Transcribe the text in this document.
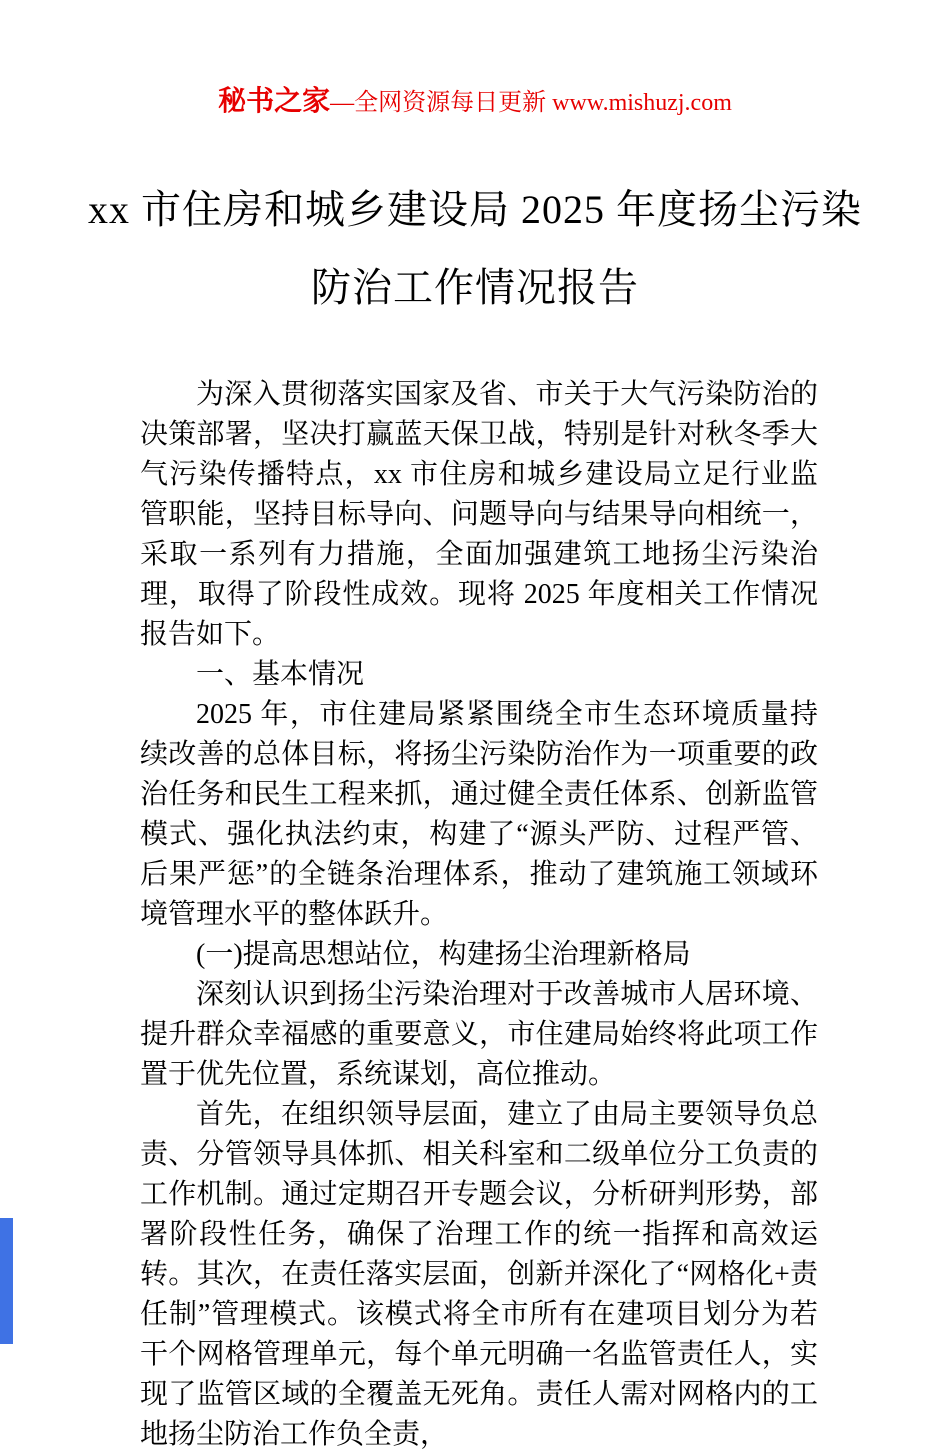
秘书之家—全网资源每日更新 www.mishuzj.com
xx 市住房和城乡建设局 2025 年度扬尘污染
防治工作情况报告

为深入贯彻落实国家及省、市关于大气污染防治的决策部署，坚决打赢蓝天保卫战，特别是针对秋冬季大气污染传播特点，xx 市住房和城乡建设局立足行业监管职能，坚持目标导向、问题导向与结果导向相统一，采取一系列有力措施，全面加强建筑工地扬尘污染治理，取得了阶段性成效。现将 2025 年度相关工作情况报告如下。

一、基本情况

2025 年，市住建局紧紧围绕全市生态环境质量持续改善的总体目标，将扬尘污染防治作为一项重要的政治任务和民生工程来抓，通过健全责任体系、创新监管模式、强化执法约束，构建了“源头严防、过程严管、后果严惩”的全链条治理体系，推动了建筑施工领域环境管理水平的整体跃升。

(一)提高思想站位，构建扬尘治理新格局

深刻认识到扬尘污染治理对于改善城市人居环境、提升群众幸福感的重要意义，市住建局始终将此项工作置于优先位置，系统谋划，高位推动。

首先，在组织领导层面，建立了由局主要领导负总责、分管领导具体抓、相关科室和二级单位分工负责的工作机制。通过定期召开专题会议，分析研判形势，部署阶段性任务，确保了治理工作的统一指挥和高效运转。其次，在责任落实层面，创新并深化了“网格化+责任制”管理模式。该模式将全市所有在建项目划分为若干个网格管理单元，每个单元明确一名监管责任人，实现了监管区域的全覆盖无死角。责任人需对网格内的工地扬尘防治工作负全责，
